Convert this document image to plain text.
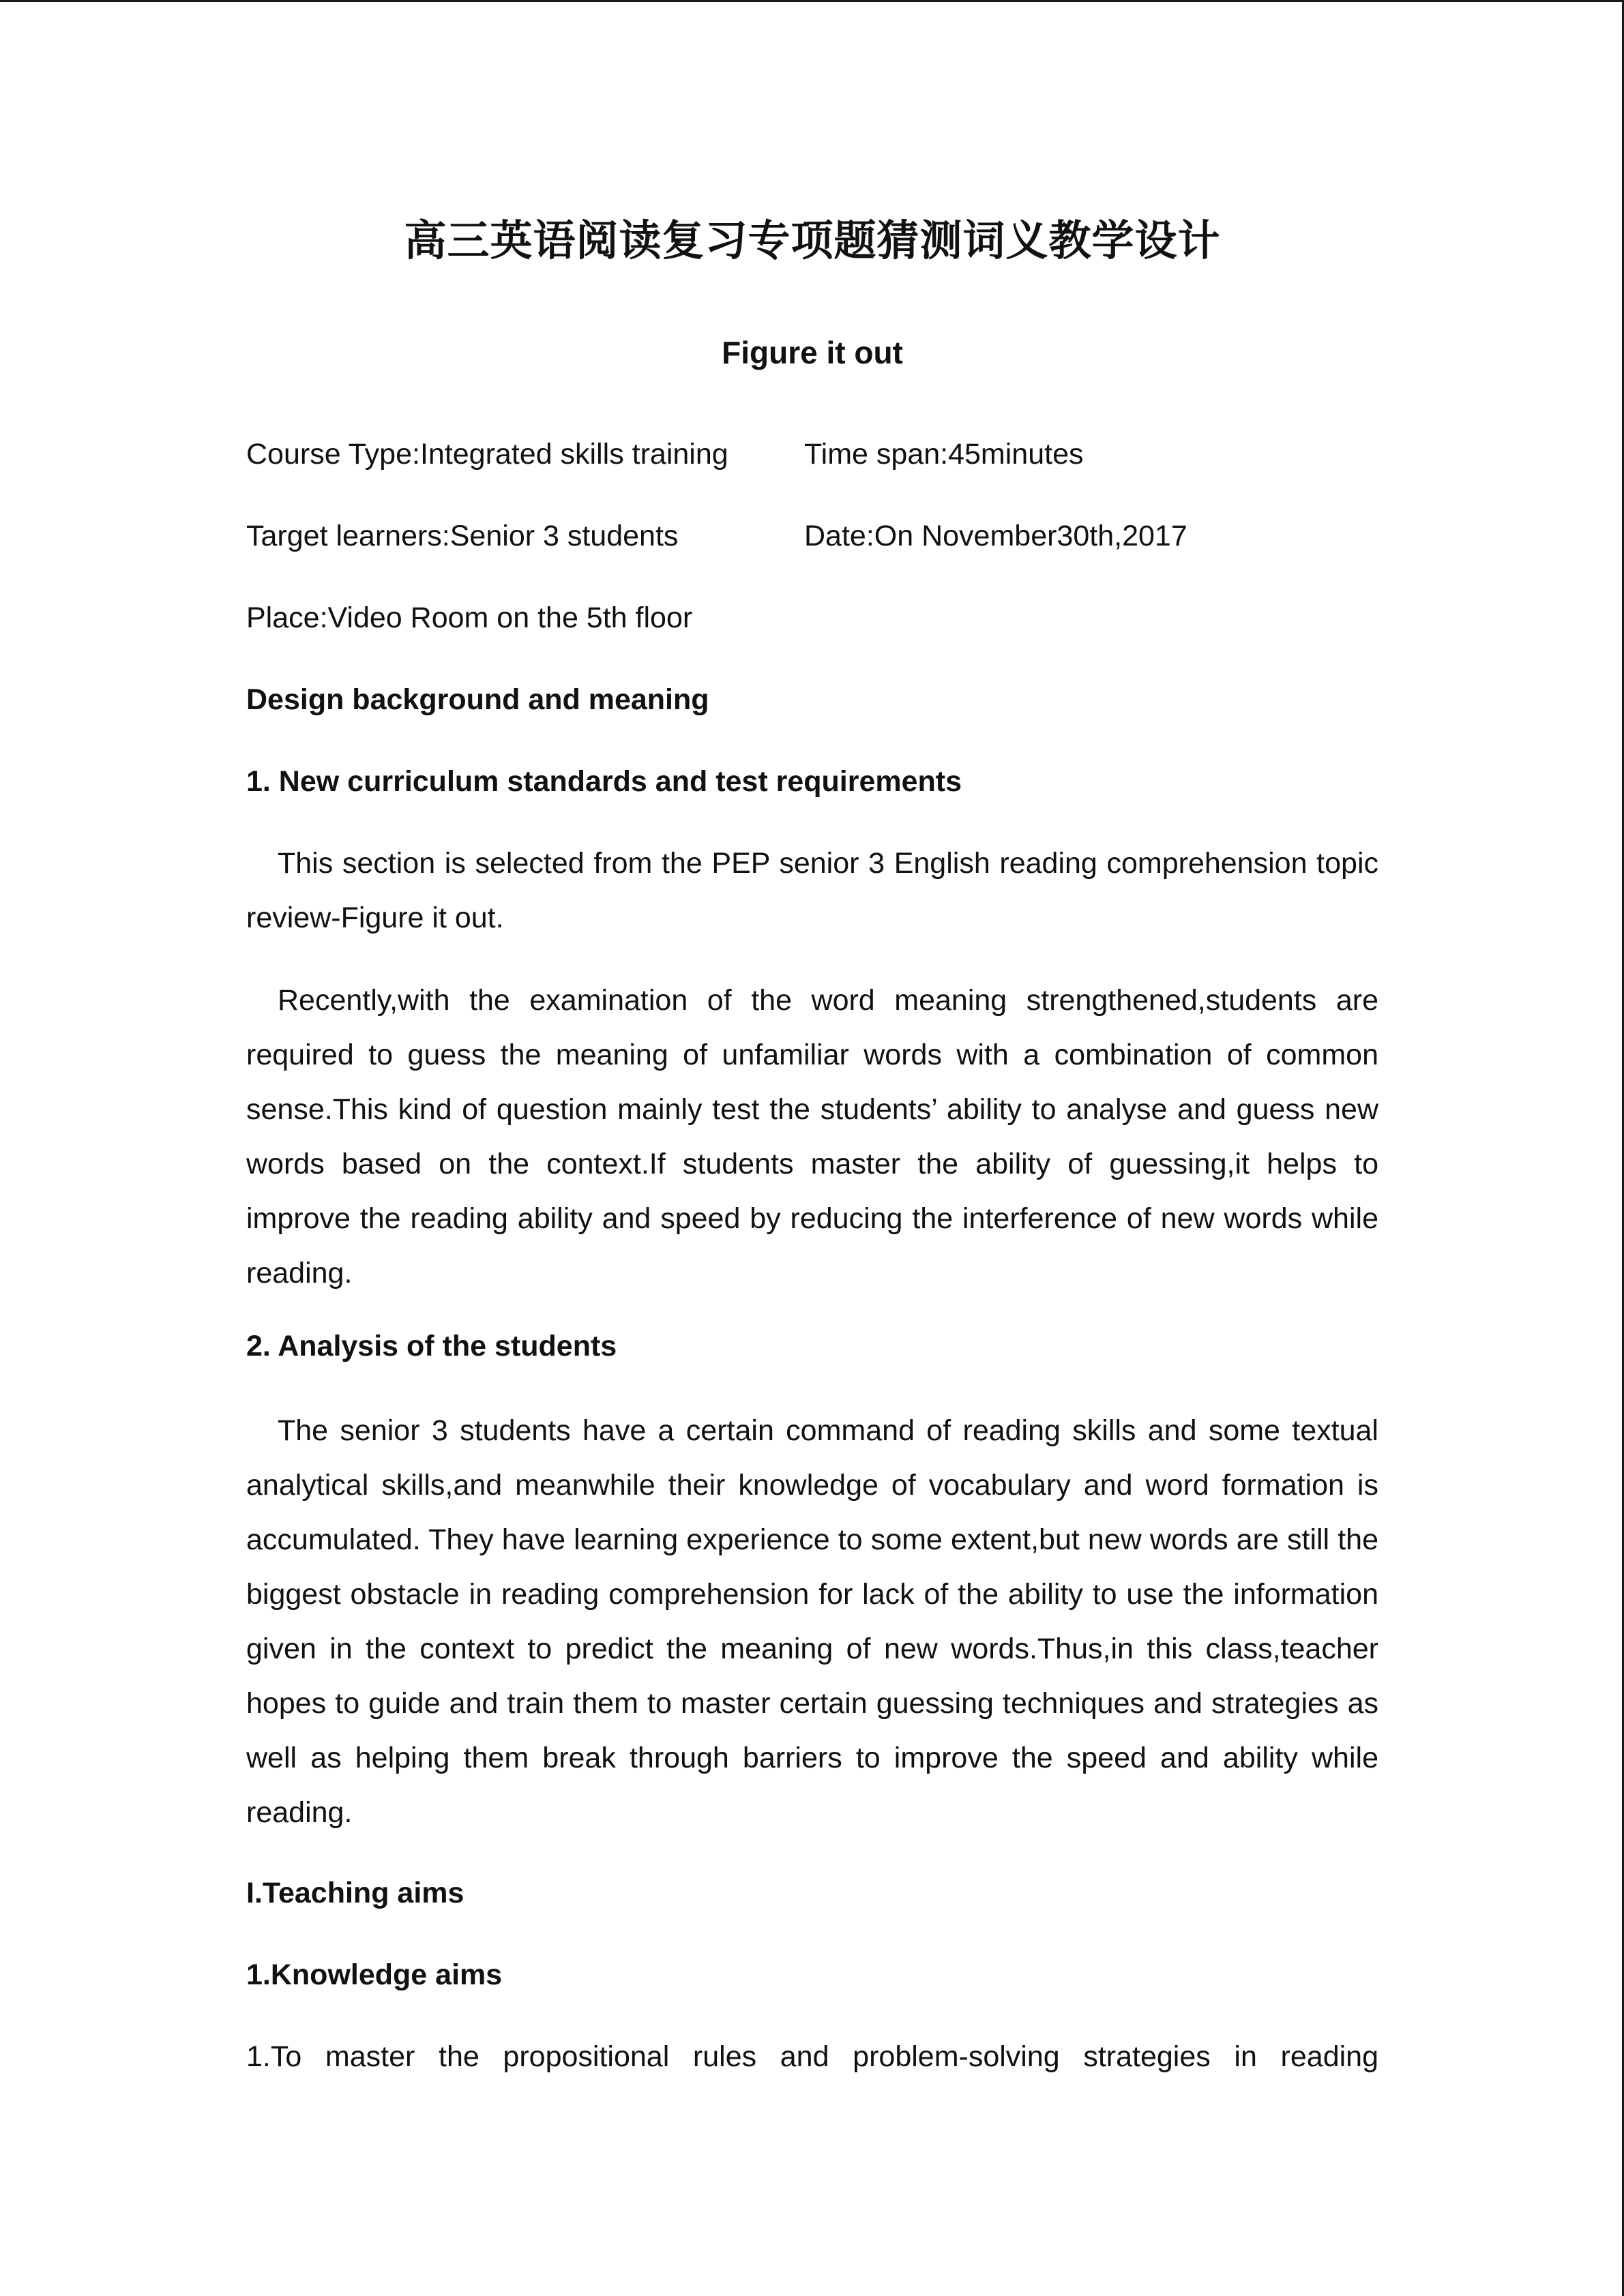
高三英语阅读复习专项题猜测词义教学设计
Figure it out
Course Type:Integrated skills training	Time span:45minutes
Target learners:Senior 3 students	Date:On November30th,2017
Place:Video Room on the 5th floor
Design background and meaning
1. New curriculum standards and test requirements
This section is selected from the PEP senior 3 English reading comprehension topic review-Figure it out.
Recently,with the examination of the word meaning strengthened,students are required to guess the meaning of unfamiliar words with a combination of common sense.This kind of question mainly test the students’ ability to analyse and guess new words based on the context.If students master the ability of guessing,it helps to improve the reading ability and speed by reducing the interference of new words while reading.
2. Analysis of the students
The senior 3 students have a certain command of reading skills and some textual analytical skills,and meanwhile their knowledge of vocabulary and word formation is accumulated. They have learning experience to some extent,but new words are still the biggest obstacle in reading comprehension for lack of the ability to use the information given in the context to predict the meaning of new words.Thus,in this class,teacher hopes to guide and train them to master certain guessing techniques and strategies as well as helping them break through barriers to improve the speed and ability while reading.
I.Teaching aims
1.Knowledge aims
1.To master the propositional rules and problem-solving strategies in reading
